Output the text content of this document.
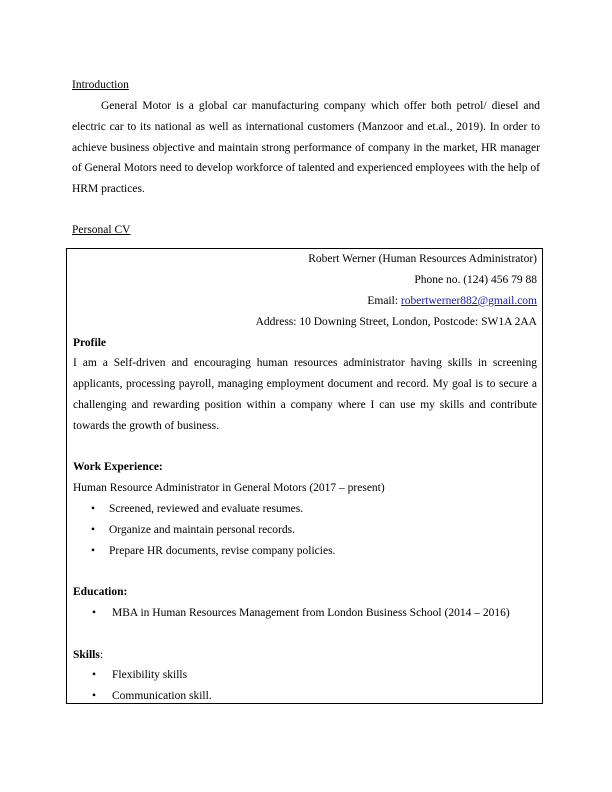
Introduction

General Motor is a global car manufacturing company which offer both petrol/ diesel and electric car to its national as well as international customers (Manzoor and et.al., 2019). In order to achieve business objective and maintain strong performance of company in the market, HR manager of General Motors need to develop workforce of talented and experienced employees with the help of HRM practices.

Personal CV

Robert Werner (Human Resources Administrator)
Phone no. (124) 456 79 88
Email: robertwerner882@gmail.com
Address: 10 Downing Street, London, Postcode: SW1A 2AA

Profile

I am a Self-driven and encouraging human resources administrator having skills in screening applicants, processing payroll, managing employment document and record. My goal is to secure a challenging and rewarding position within a company where I can use my skills and contribute towards the growth of business.

Work Experience:

Human Resource Administrator in General Motors (2017 – present)

• Screened, reviewed and evaluate resumes.
• Organize and maintain personal records.
• Prepare HR documents, revise company policies.

Education:

• MBA in Human Resources Management from London Business School (2014 – 2016)

Skills:

• Flexibility skills
• Communication skill.
